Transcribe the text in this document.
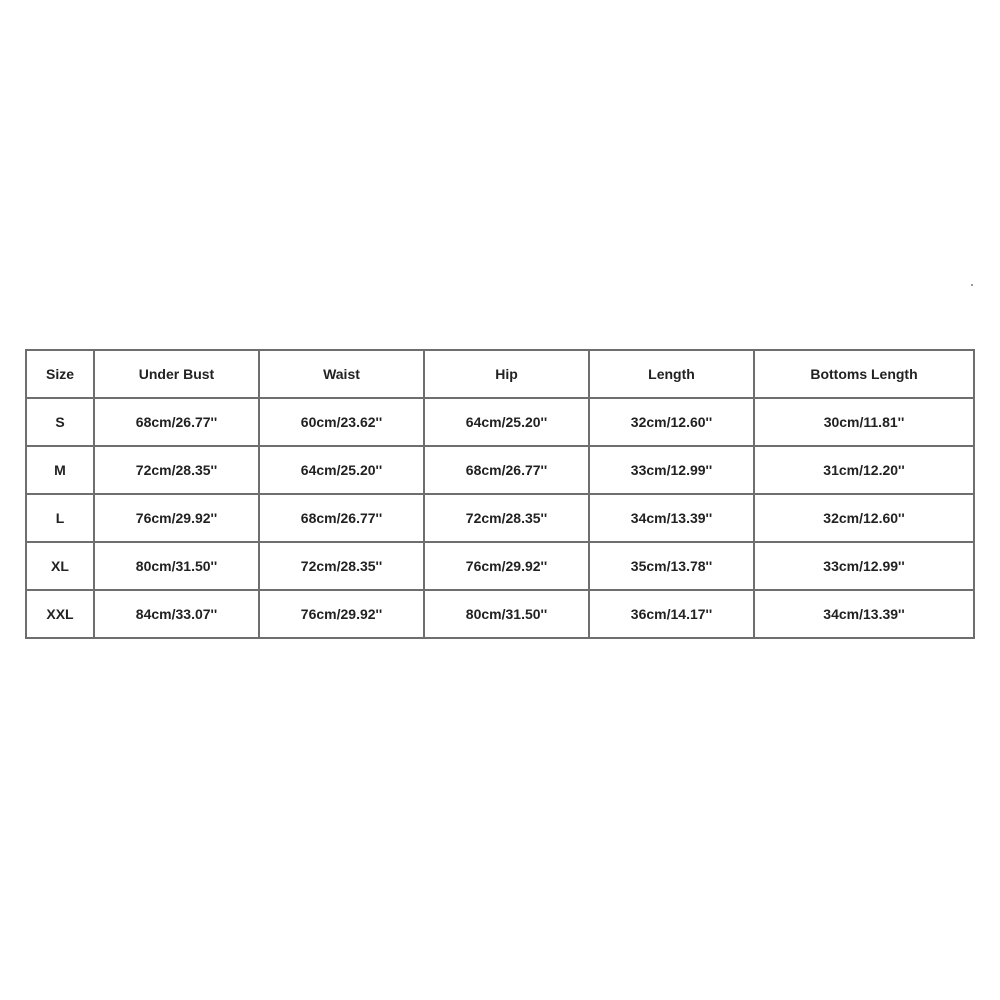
Size	Under Bust	Waist	Hip	Length	Bottoms Length
S	68cm/26.77''	60cm/23.62''	64cm/25.20''	32cm/12.60''	30cm/11.81''
M	72cm/28.35''	64cm/25.20''	68cm/26.77''	33cm/12.99''	31cm/12.20''
L	76cm/29.92''	68cm/26.77''	72cm/28.35''	34cm/13.39''	32cm/12.60''
XL	80cm/31.50''	72cm/28.35''	76cm/29.92''	35cm/13.78''	33cm/12.99''
XXL	84cm/33.07''	76cm/29.92''	80cm/31.50''	36cm/14.17''	34cm/13.39''
